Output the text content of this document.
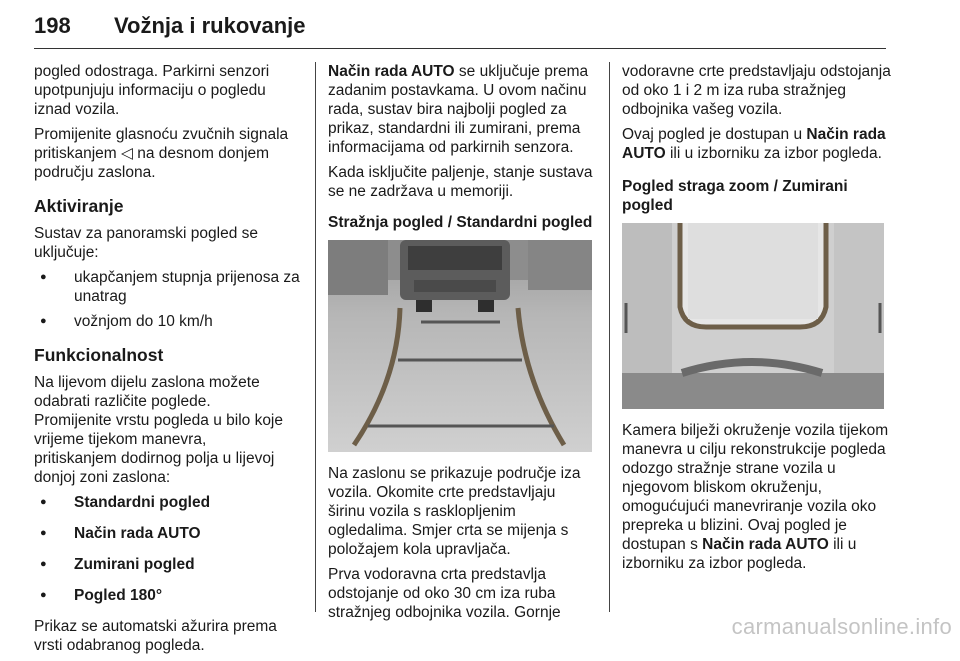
198 Vožnja i rukovanje

pogled odostraga. Parkirni senzori upotpunjuju informaciju o pogledu iznad vozila.

Promijenite glasnoću zvučnih signala pritiskanjem ◁ na desnom donjem području zaslona.

Aktiviranje

Sustav za panoramski pogled se uključuje:

● ukapčanjem stupnja prijenosa za unatrag
● vožnjom do 10 km/h
Funkcionalnost

Na lijevom dijelu zaslona možete odabrati različite poglede.

Promijenite vrstu pogleda u bilo koje vrijeme tijekom manevra,

pritiskanjem dodirnog polja u lijevoj donjoj zoni zaslona:

● Standardni pogled
● Način rada AUTO
● Zumirani pogled
● Pogled 180°

Prikaz se automatski ažurira prema vrsti odabranog pogleda.

Način rada AUTO se uključuje prema zadanim postavkama. U ovom načinu rada, sustav bira najbolji pogled za prikaz, standardni ili zumirani, prema informacijama od parkirnih senzora.

Kada isključite paljenje, stanje sustava se ne zadržava u memoriji.

Stražnja pogled / Standardni pogled

Na zaslonu se prikazuje područje iza vozila. Okomite crte predstavljaju širinu vozila s rasklopljenim ogledalima. Smjer crta se mijenja s položajem kola upravljača.

Prva vodoravna crta predstavlja odstojanje od oko 30 cm iza ruba stražnjeg odbojnika vozila. Gornje

vodoravne crte predstavljaju odstojanja od oko 1 i 2 m iza ruba stražnjeg odbojnika vašeg vozila.

Ovaj pogled je dostupan u Način rada AUTO ili u izborniku za izbor pogleda.

Pogled straga zoom / Zumirani pogled

Kamera bilježi okruženje vozila tijekom manevra u cilju rekonstrukcije pogleda odozgo stražnje strane vozila u njegovom bliskom okruženju, omogućujući manevriranje vozila oko prepreka u blizini. Ovaj pogled je dostupan s Način rada AUTO ili u izborniku za izbor pogleda.

carmanualsonline.info
